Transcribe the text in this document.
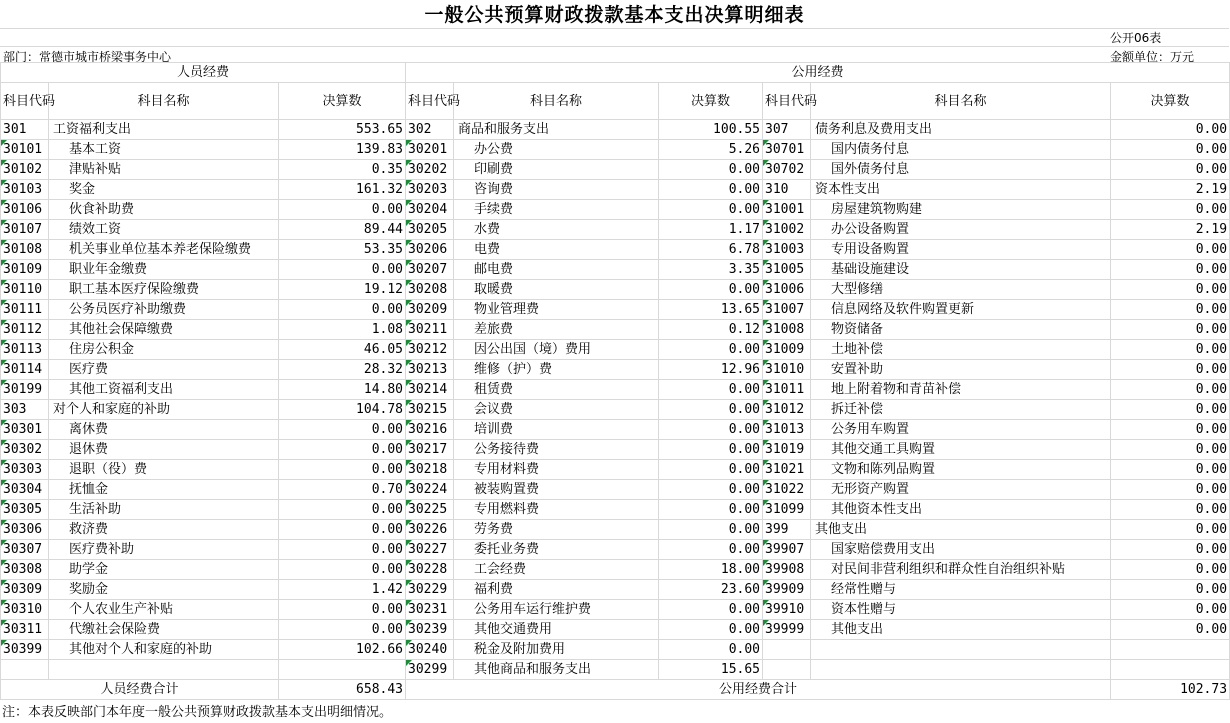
一般公共预算财政拨款基本支出决算明细表
公开06表
部门：常德市城市桥梁事务中心	金额单位：万元
人员经费			公用经费					
科目代码	科目名称	决算数	科目代码	科目名称	决算数	科目代码	科目名称	决算数
301	工资福利支出	553.65	302	商品和服务支出	100.55	307	债务利息及费用支出	0.00
30101	基本工资	139.83	30201	办公费	5.26	30701	国内债务付息	0.00
30102	津贴补贴	0.35	30202	印刷费	0.00	30702	国外债务付息	0.00
30103	奖金	161.32	30203	咨询费	0.00	310	资本性支出	2.19
30106	伙食补助费	0.00	30204	手续费	0.00	31001	房屋建筑物购建	0.00
30107	绩效工资	89.44	30205	水费	1.17	31002	办公设备购置	2.19
30108	机关事业单位基本养老保险缴费	53.35	30206	电费	6.78	31003	专用设备购置	0.00
30109	职业年金缴费	0.00	30207	邮电费	3.35	31005	基础设施建设	0.00
30110	职工基本医疗保险缴费	19.12	30208	取暖费	0.00	31006	大型修缮	0.00
30111	公务员医疗补助缴费	0.00	30209	物业管理费	13.65	31007	信息网络及软件购置更新	0.00
30112	其他社会保障缴费	1.08	30211	差旅费	0.12	31008	物资储备	0.00
30113	住房公积金	46.05	30212	因公出国（境）费用	0.00	31009	土地补偿	0.00
30114	医疗费	28.32	30213	维修（护）费	12.96	31010	安置补助	0.00
30199	其他工资福利支出	14.80	30214	租赁费	0.00	31011	地上附着物和青苗补偿	0.00
303	对个人和家庭的补助	104.78	30215	会议费	0.00	31012	拆迁补偿	0.00
30301	离休费	0.00	30216	培训费	0.00	31013	公务用车购置	0.00
30302	退休费	0.00	30217	公务接待费	0.00	31019	其他交通工具购置	0.00
30303	退职（役）费	0.00	30218	专用材料费	0.00	31021	文物和陈列品购置	0.00
30304	抚恤金	0.70	30224	被装购置费	0.00	31022	无形资产购置	0.00
30305	生活补助	0.00	30225	专用燃料费	0.00	31099	其他资本性支出	0.00
30306	救济费	0.00	30226	劳务费	0.00	399	其他支出	0.00
30307	医疗费补助	0.00	30227	委托业务费	0.00	39907	国家赔偿费用支出	0.00
30308	助学金	0.00	30228	工会经费	18.00	39908	对民间非营利组织和群众性自治组织补贴	0.00
30309	奖励金	1.42	30229	福利费	23.60	39909	经常性赠与	0.00
30310	个人农业生产补贴	0.00	30231	公务用车运行维护费	0.00	39910	资本性赠与	0.00
30311	代缴社会保险费	0.00	30239	其他交通费用	0.00	39999	其他支出	0.00
30399	其他对个人和家庭的补助	102.66	30240	税金及附加费用	0.00			
			30299	其他商品和服务支出	15.65			
人员经费合计		658.43	公用经费合计					102.73
注：本表反映部门本年度一般公共预算财政拨款基本支出明细情况。
